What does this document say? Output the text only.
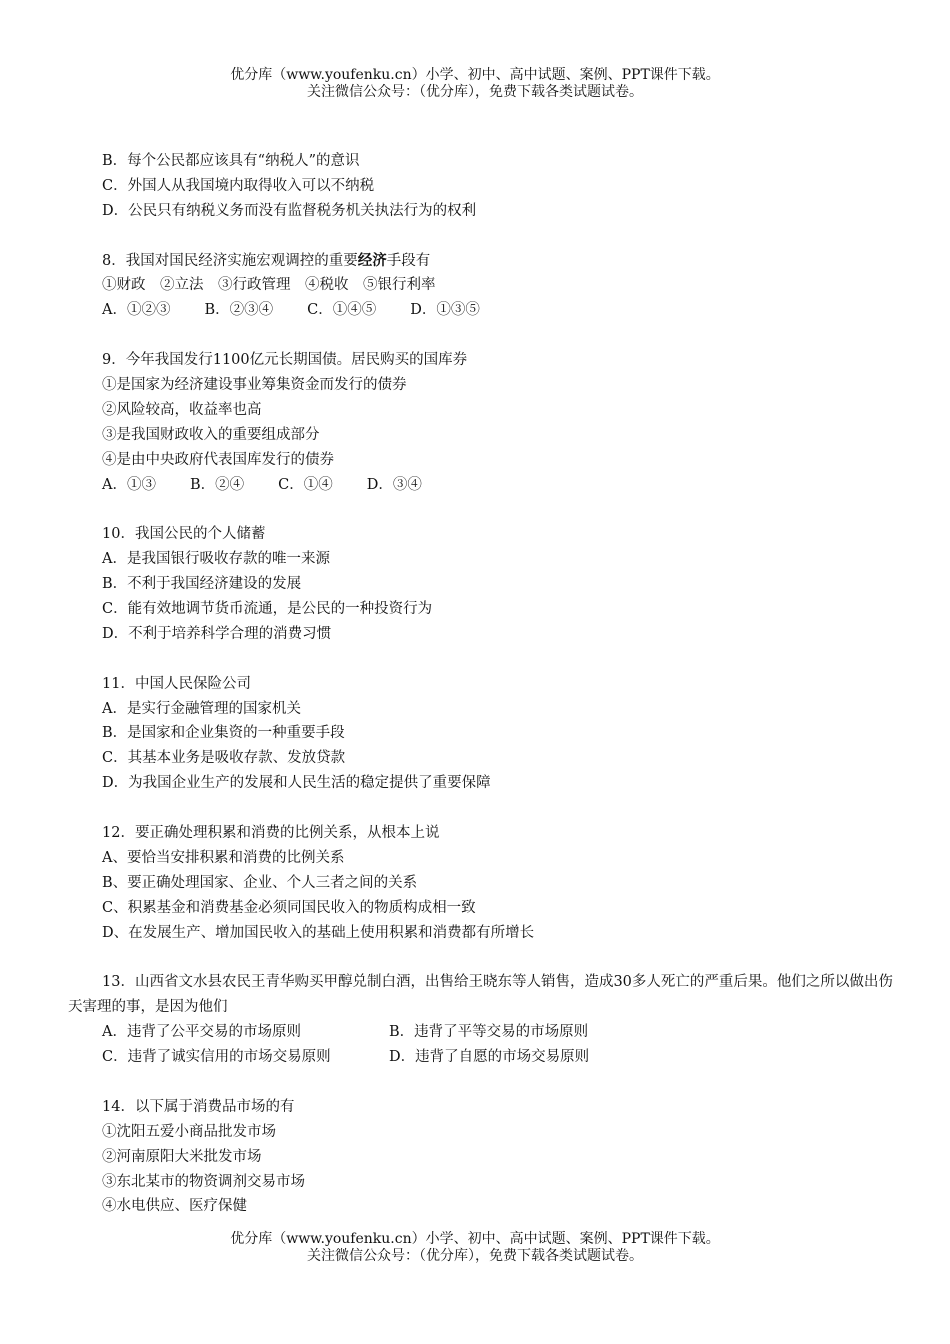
优分库（www.youfenku.cn）小学、初中、高中试题、案例、PPT课件下载。
关注微信公众号：（优分库），免费下载各类试题试卷。
B．每个公民都应该具有“纳税人”的意识
C．外国人从我国境内取得收入可以不纳税
D．公民只有纳税义务而没有监督税务机关执法行为的权利
8．我国对国民经济实施宏观调控的重要经济手段有
①财政　②立法　③行政管理　④税收　⑤银行利率
A．①②③ B．②③④ C．①④⑤ D．①③⑤
9．今年我国发行1100亿元长期国债。居民购买的国库券
①是国家为经济建设事业筹集资金而发行的债券
②风险较高，收益率也高
③是我国财政收入的重要组成部分
④是由中央政府代表国库发行的债券
A．①③ B．②④ C．①④ D．③④
10．我国公民的个人储蓄
A．是我国银行吸收存款的唯一来源
B．不利于我国经济建设的发展
C．能有效地调节货币流通，是公民的一种投资行为
D．不利于培养科学合理的消费习惯
11．中国人民保险公司
A．是实行金融管理的国家机关
B．是国家和企业集资的一种重要手段
C．其基本业务是吸收存款、发放贷款
D．为我国企业生产的发展和人民生活的稳定提供了重要保障
12．要正确处理积累和消费的比例关系，从根本上说
A、要恰当安排积累和消费的比例关系
B、要正确处理国家、企业、个人三者之间的关系
C、积累基金和消费基金必须同国民收入的物质构成相一致
D、在发展生产、增加国民收入的基础上使用积累和消费都有所增长
13．山西省文水县农民王青华购买甲醇兑制白酒，出售给王晓东等人销售，造成30多人死亡的严重后果。他们之所以做出伤天害理的事，是因为他们
A．违背了公平交易的市场原则	B．违背了平等交易的市场原则
C．违背了诚实信用的市场交易原则	D．违背了自愿的市场交易原则
14．以下属于消费品市场的有
①沈阳五爱小商品批发市场
②河南原阳大米批发市场
③东北某市的物资调剂交易市场
④水电供应、医疗保健
优分库（www.youfenku.cn）小学、初中、高中试题、案例、PPT课件下载。
关注微信公众号：（优分库），免费下载各类试题试卷。
